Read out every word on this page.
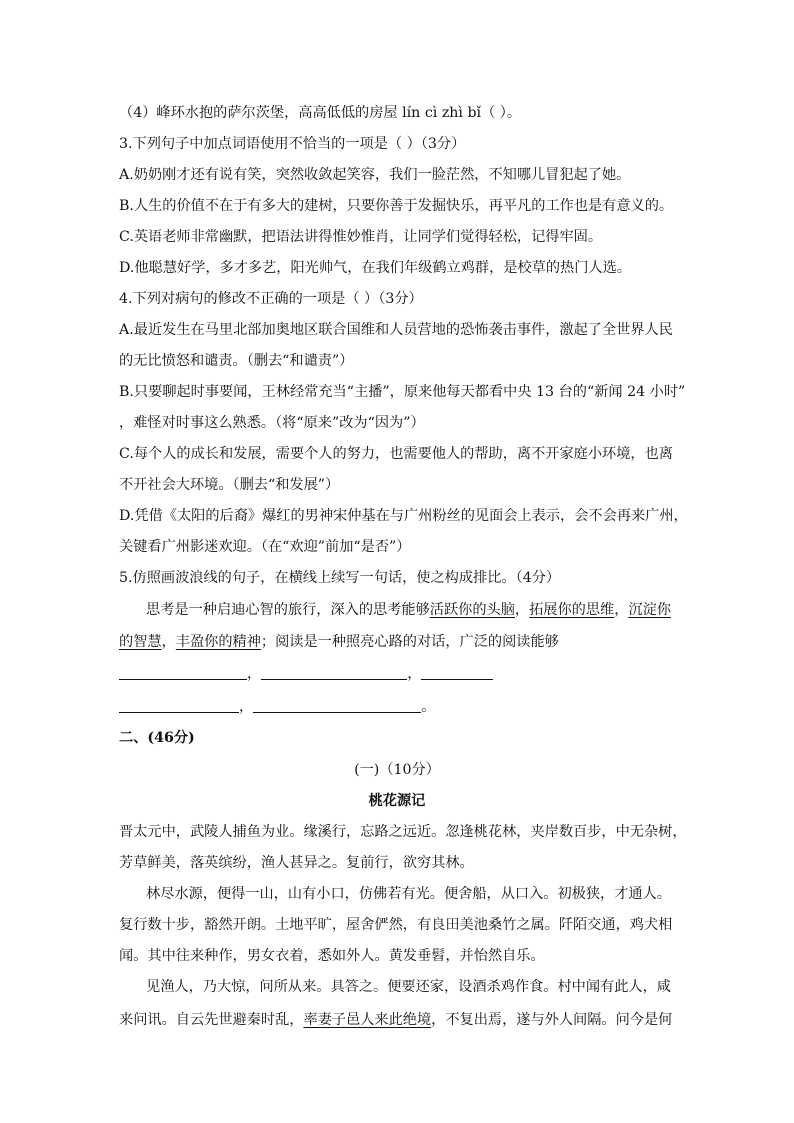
（4）峰环水抱的萨尔茨堡，高高低低的房屋 lín cì zhì bǐ（ ）。
3.下列句子中加点词语使用不恰当的一项是（ ）（3分）
A.奶奶刚才还有说有笑，突然收敛起笑容，我们一脸茫然，不知哪儿冒犯起了她。
B.人生的价值不在于有多大的建树，只要你善于发掘快乐，再平凡的工作也是有意义的。
C.英语老师非常幽默，把语法讲得惟妙惟肖，让同学们觉得轻松，记得牢固。
D.他聪慧好学，多才多艺，阳光帅气，在我们年级鹤立鸡群，是校草的热门人选。
4.下列对病句的修改不正确的一项是（ ）（3分）
A.最近发生在马里北部加奥地区联合国维和人员营地的恐怖袭击事件，激起了全世界人民
的无比愤怒和谴责。（删去“和谴责”）
B.只要聊起时事要闻，王林经常充当“主播”，原来他每天都看中央 13 台的“新闻 24 小时”
，难怪对时事这么熟悉。（将“原来”改为“因为”）
C.每个人的成长和发展，需要个人的努力，也需要他人的帮助，离不开家庭小环境，也离
不开社会大环境。（删去“和发展”）
D.凭借《太阳的后裔》爆红的男神宋仲基在与广州粉丝的见面会上表示，会不会再来广州，
关键看广州影迷欢迎。（在“欢迎”前加“是否”）
5.仿照画波浪线的句子，在横线上续写一句话，使之构成排比。（4分）
思考是一种启迪心智的旅行，深入的思考能够活跃你的头脑，拓展你的思维，沉淀你
的智慧，丰盈你的精神；阅读是一种照亮心路的对话，广泛的阅读能够
，	，
，	。
二、(46分)
(一)（10分）
桃花源记
晋太元中，武陵人捕鱼为业。缘溪行，忘路之远近。忽逢桃花林，夹岸数百步，中无杂树，
芳草鲜美，落英缤纷，渔人甚异之。复前行，欲穷其林。
林尽水源，便得一山，山有小口，仿佛若有光。便舍船，从口入。初极狭，才通人。
复行数十步，豁然开朗。土地平旷，屋舍俨然，有良田美池桑竹之属。阡陌交通，鸡犬相
闻。其中往来种作，男女衣着，悉如外人。黄发垂髫，并怡然自乐。
见渔人，乃大惊，问所从来。具答之。便要还家，设酒杀鸡作食。村中闻有此人，咸
来问讯。自云先世避秦时乱，率妻子邑人来此绝境，不复出焉，遂与外人间隔。问今是何
